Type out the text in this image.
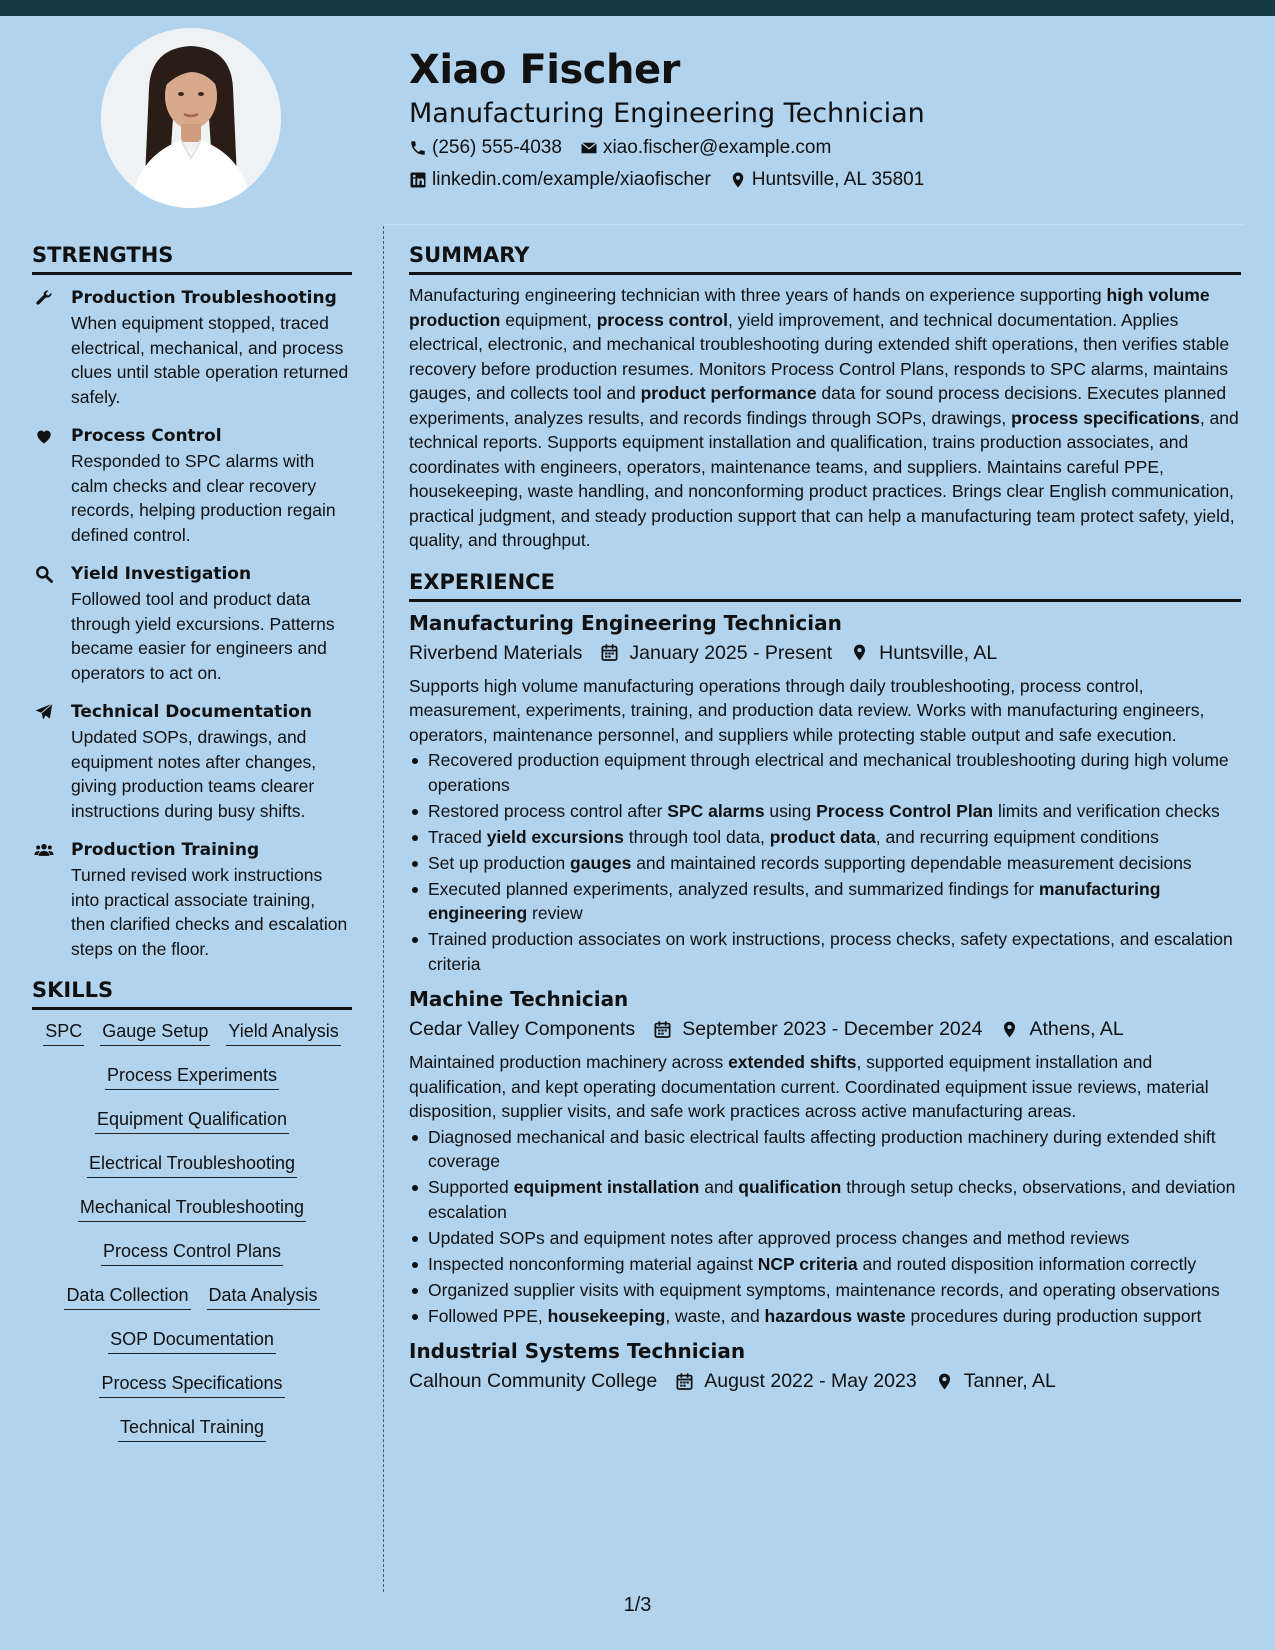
Xiao Fischer
Manufacturing Engineering Technician
(256) 555-4038 xiao.fischer@example.com
linkedin.com/example/xiaofischer Huntsville, AL 35801
STRENGTHS
Production Troubleshooting
When equipment stopped, traced electrical, mechanical, and process clues until stable operation returned safely.
Process Control
Responded to SPC alarms with calm checks and clear recovery records, helping production regain defined control.
Yield Investigation
Followed tool and product data through yield excursions. Patterns became easier for engineers and operators to act on.
Technical Documentation
Updated SOPs, drawings, and equipment notes after changes, giving production teams clearer instructions during busy shifts.
Production Training
Turned revised work instructions into practical associate training, then clarified checks and escalation steps on the floor.
SKILLS
SPC Gauge Setup Yield Analysis
Process Experiments
Equipment Qualification
Electrical Troubleshooting
Mechanical Troubleshooting
Process Control Plans
Data Collection Data Analysis
SOP Documentation
Process Specifications
Technical Training
SUMMARY

Manufacturing engineering technician with three years of hands on experience supporting high volume production equipment, process control, yield improvement, and technical documentation. Applies electrical, electronic, and mechanical troubleshooting during extended shift operations, then verifies stable recovery before production resumes. Monitors Process Control Plans, responds to SPC alarms, maintains gauges, and collects tool and product performance data for sound process decisions. Executes planned experiments, analyzes results, and records findings through SOPs, drawings, process specifications, and technical reports. Supports equipment installation and qualification, trains production associates, and coordinates with engineers, operators, maintenance teams, and suppliers. Maintains careful PPE, housekeeping, waste handling, and nonconforming product practices. Brings clear English communication, practical judgment, and steady production support that can help a manufacturing team protect safety, yield, quality, and throughput.

EXPERIENCE
Manufacturing Engineering Technician
Riverbend Materials January 2025 - Present Huntsville, AL

Supports high volume manufacturing operations through daily troubleshooting, process control, measurement, experiments, training, and production data review. Works with manufacturing engineers, operators, maintenance personnel, and suppliers while protecting stable output and safe execution.

Recovered production equipment through electrical and mechanical troubleshooting during high volume operations
Restored process control after SPC alarms using Process Control Plan limits and verification checks
Traced yield excursions through tool data, product data, and recurring equipment conditions
Set up production gauges and maintained records supporting dependable measurement decisions
Executed planned experiments, analyzed results, and summarized findings for manufacturing engineering review
Trained production associates on work instructions, process checks, safety expectations, and escalation criteria
Machine Technician
Cedar Valley Components September 2023 - December 2024 Athens, AL

Maintained production machinery across extended shifts, supported equipment installation and qualification, and kept operating documentation current. Coordinated equipment issue reviews, material disposition, supplier visits, and safe work practices across active manufacturing areas.

Diagnosed mechanical and basic electrical faults affecting production machinery during extended shift coverage
Supported equipment installation and qualification through setup checks, observations, and deviation escalation
Updated SOPs and equipment notes after approved process changes and method reviews
Inspected nonconforming material against NCP criteria and routed disposition information correctly
Organized supplier visits with equipment symptoms, maintenance records, and operating observations
Followed PPE, housekeeping, waste, and hazardous waste procedures during production support
Industrial Systems Technician
Calhoun Community College August 2022 - May 2023 Tanner, AL
1/3
